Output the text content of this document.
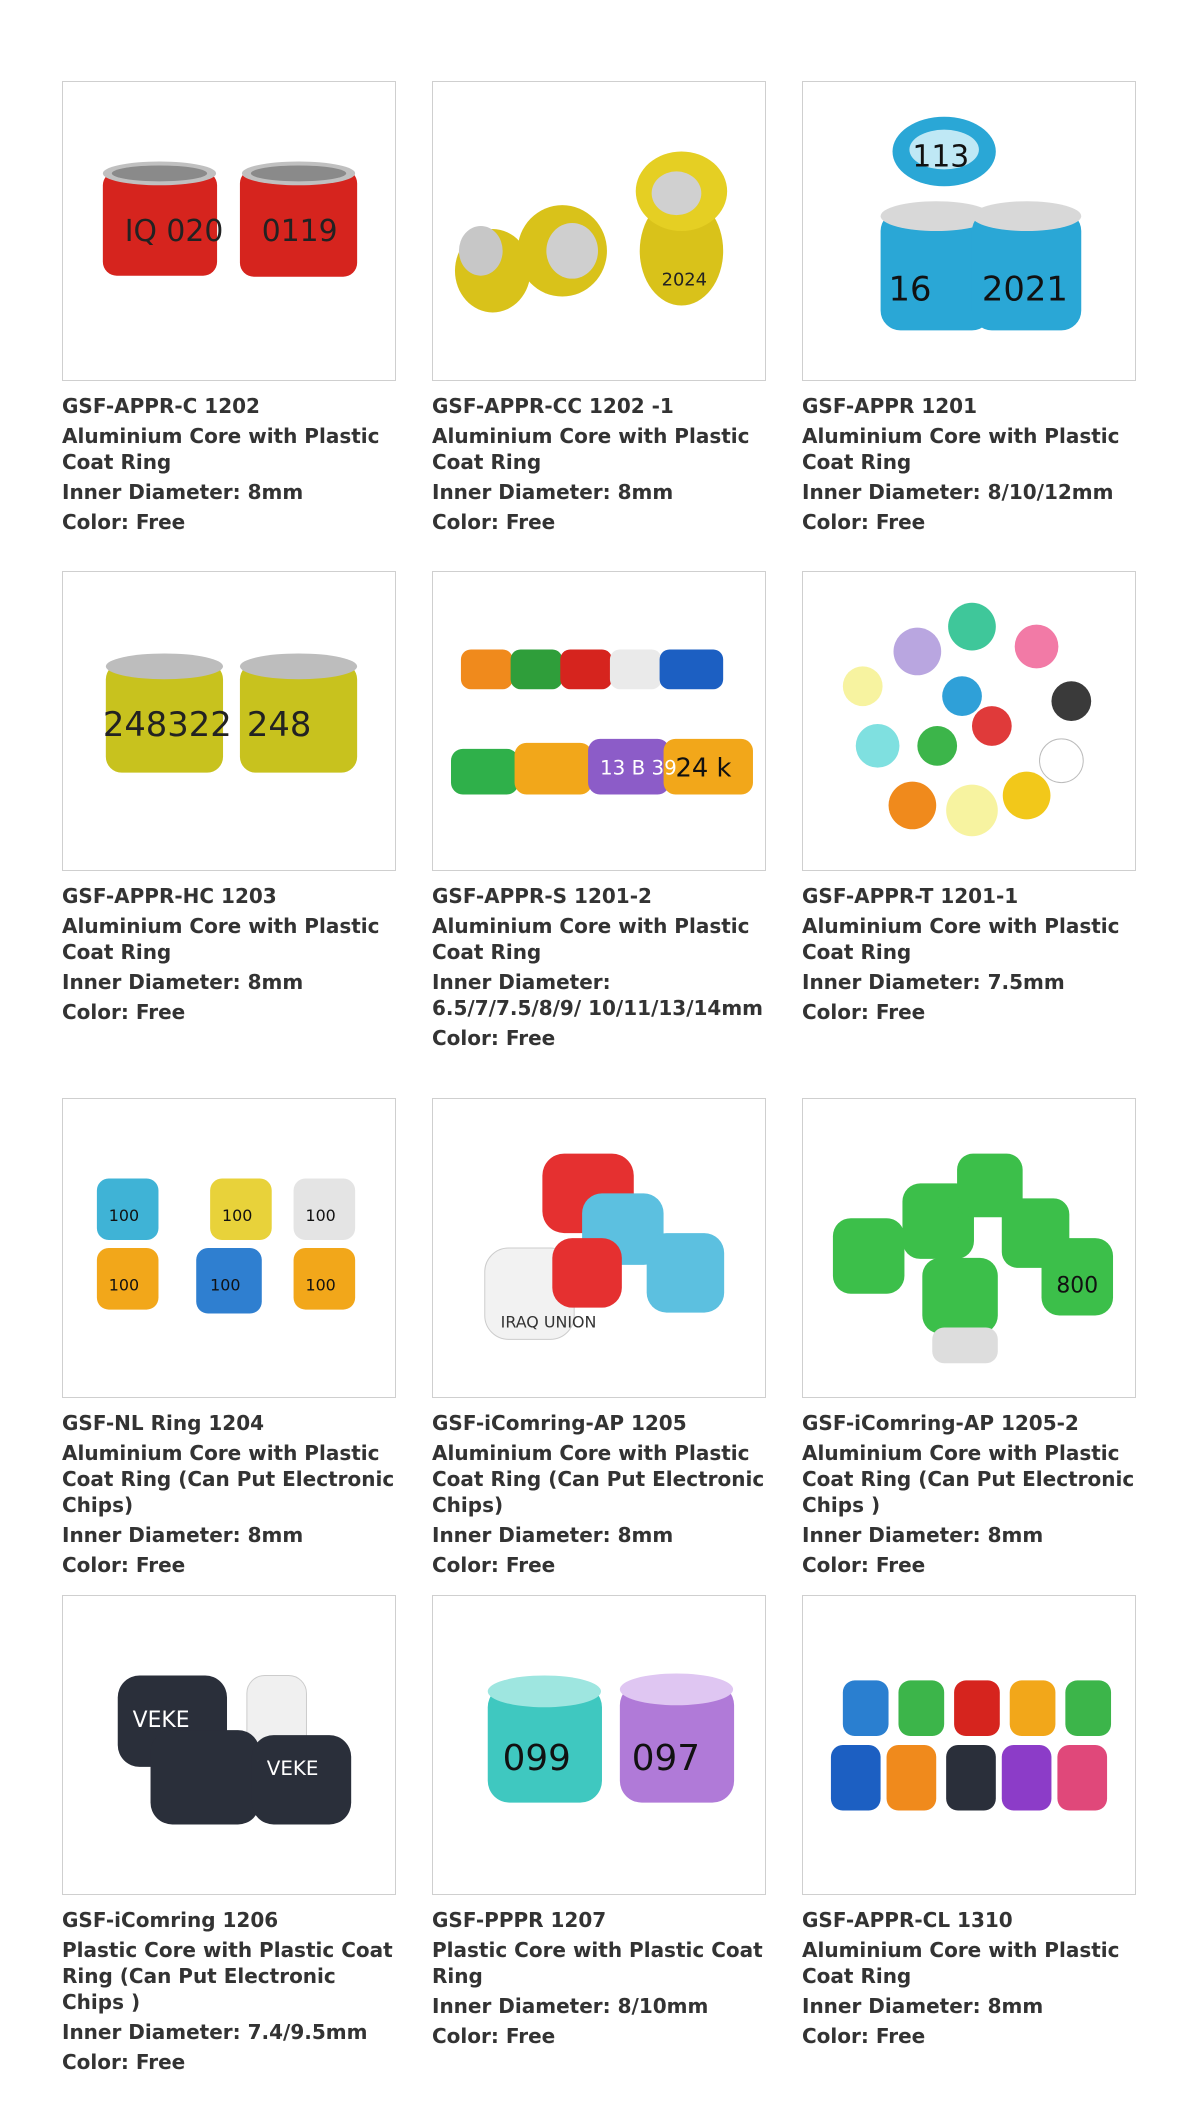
IQ 020 0119
GSF-APPR-C 1202
Aluminium Core with Plastic Coat Ring
Inner Diameter: 8mm
Color: Free
2024
GSF-APPR-CC 1202 -1
Aluminium Core with Plastic Coat Ring
Inner Diameter: 8mm
Color: Free
113
16 2021
GSF-APPR 1201
Aluminium Core with Plastic Coat Ring
Inner Diameter: 8/10/12mm
Color: Free
248322 248
GSF-APPR-HC 1203
Aluminium Core with Plastic Coat Ring
Inner Diameter: 8mm
Color: Free
13 B 39
24 k
GSF-APPR-S 1201-2
Aluminium Core with Plastic Coat Ring
Inner Diameter: 6.5/7/7.5/8/9/ 10/11/13/14mm
Color: Free
GSF-APPR-T 1201-1
Aluminium Core with Plastic Coat Ring
Inner Diameter: 7.5mm
Color: Free
100	100	100
100	100	100
GSF-NL Ring 1204
Aluminium Core with Plastic Coat Ring (Can Put Electronic Chips)
Inner Diameter: 8mm
Color: Free
IRAQ UNION
GSF-iComring-AP 1205
Aluminium Core with Plastic Coat Ring (Can Put Electronic Chips)
Inner Diameter: 8mm
Color: Free
800
GSF-iComring-AP 1205-2
Aluminium Core with Plastic Coat Ring (Can Put Electronic Chips )
Inner Diameter: 8mm
Color: Free
VEKE
VEKE
GSF-iComring 1206
Plastic Core with Plastic Coat Ring (Can Put Electronic Chips )
Inner Diameter: 7.4/9.5mm
Color: Free
099 097
GSF-PPPR 1207
Plastic Core with Plastic Coat Ring
Inner Diameter: 8/10mm
Color: Free
GSF-APPR-CL 1310
Aluminium Core with Plastic Coat Ring
Inner Diameter: 8mm
Color: Free
